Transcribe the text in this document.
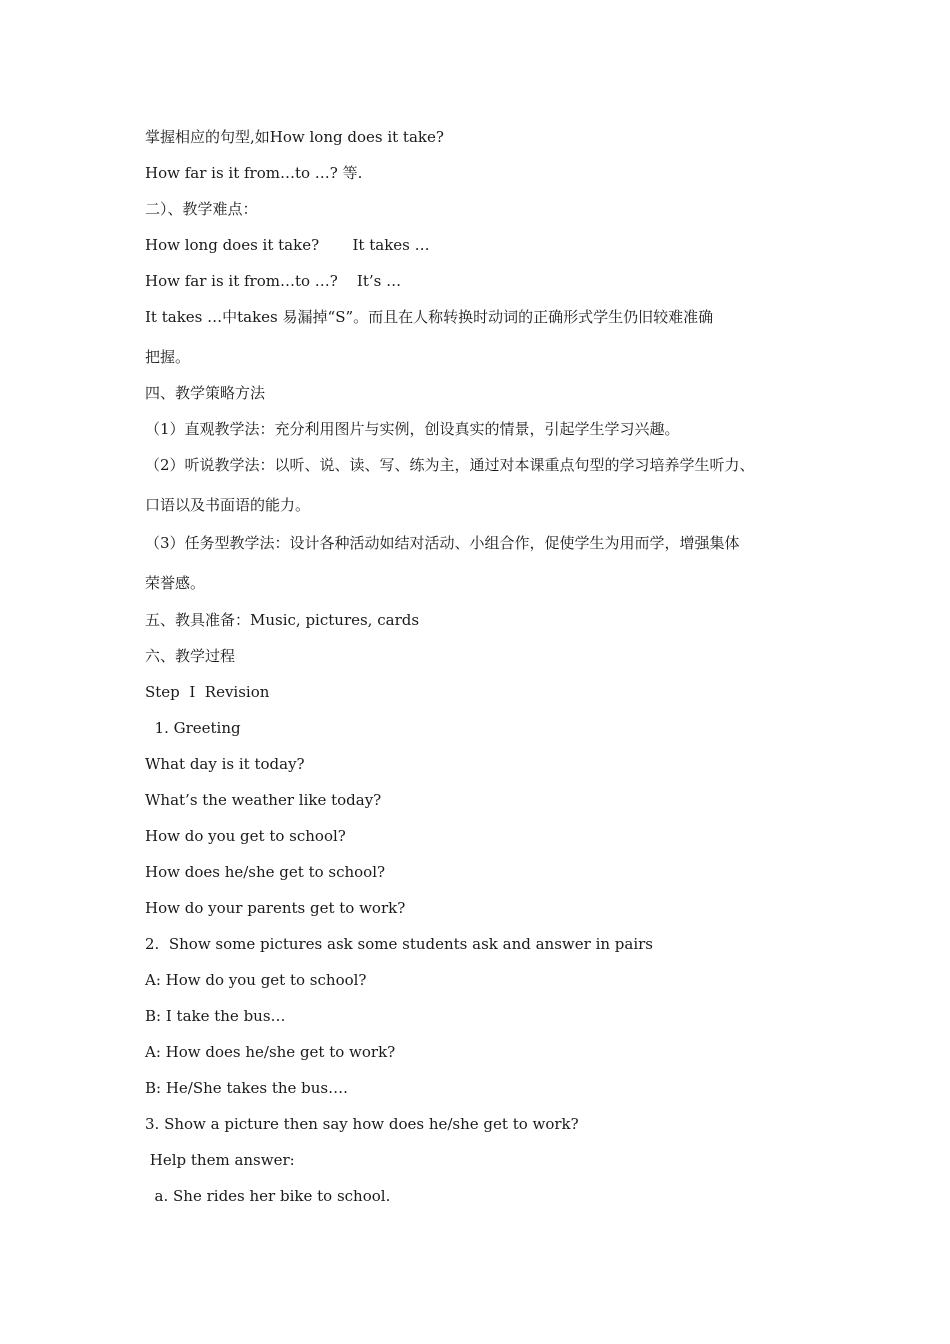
掌握相应的句型,如How long does it take?

How far is it from…to …? 等.

二）、教学难点：

How long does it take?       It takes …

How far is it from…to …?    It’s …

It takes …中takes 易漏掉“S”。而且在人称转换时动词的正确形式学生仍旧较难准确

把握。

四、教学策略方法

（1）直观教学法：充分利用图片与实例，创设真实的情景，引起学生学习兴趣。

（2）听说教学法：以听、说、读、写、练为主，通过对本课重点句型的学习培养学生听力、

口语以及书面语的能力。

（3）任务型教学法：设计各种活动如结对活动、小组合作，促使学生为用而学，增强集体

荣誉感。

五、教具准备：Music, pictures, cards

六、教学过程

Step  Ⅰ  Revision

1. Greeting

What day is it today?

What’s the weather like today?

How do you get to school?

How does he/she get to school?

How do your parents get to work?

2.  Show some pictures ask some students ask and answer in pairs

A: How do you get to school?

B: I take the bus…

A: How does he/she get to work?

B: He/She takes the bus….

3. Show a picture then say how does he/she get to work?

Help them answer:

a. She rides her bike to school.
